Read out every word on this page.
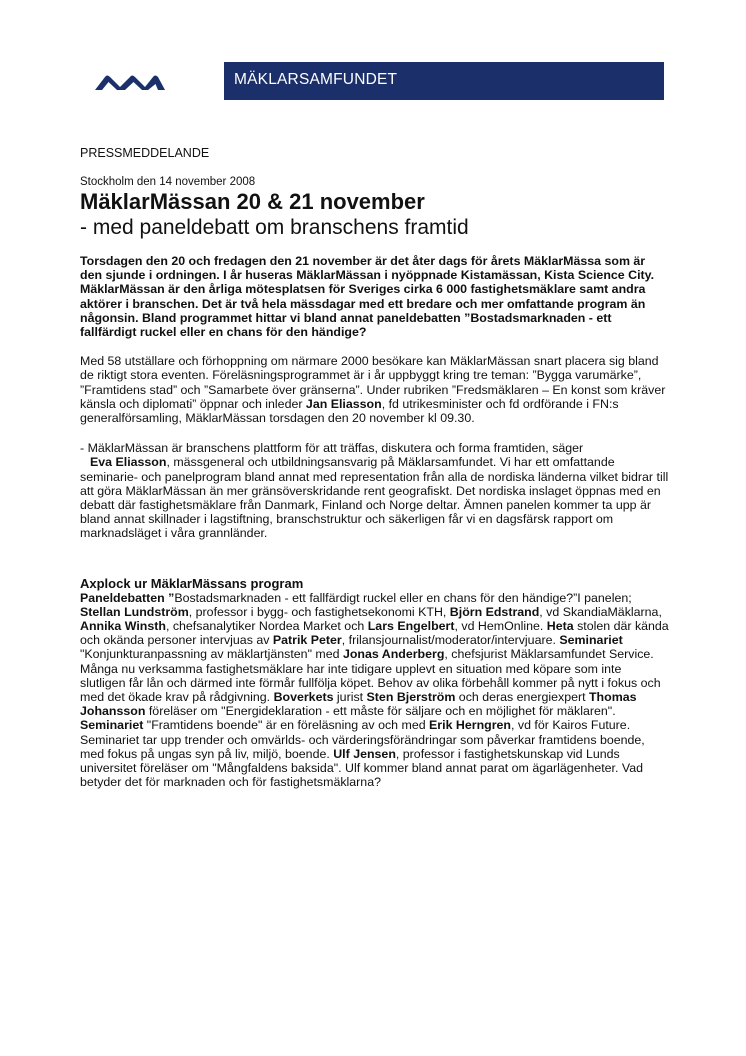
MÄKLARSAMFUNDET

PRESSMEDDELANDE

Stockholm den 14 november 2008

MäklarMässan 20 & 21 november

- med paneldebatt om branschens framtid

Torsdagen den 20 och fredagen den 21 november är det åter dags för årets MäklarMässa som är den sjunde i ordningen. I år huseras MäklarMässan i nyöppnade Kistamässan, Kista Science City. MäklarMässan är den årliga mötesplatsen för Sveriges cirka 6 000 fastighetsmäklare samt andra aktörer i branschen. Det är två hela mässdagar med ett bredare och mer omfattande program än någonsin. Bland programmet hittar vi bland annat paneldebatten ”Bostadsmarknaden - ett fallfärdigt ruckel eller en chans för den händige?

Med 58 utställare och förhoppning om närmare 2000 besökare kan MäklarMässan snart placera sig bland de riktigt stora eventen. Föreläsningsprogrammet är i år uppbyggt kring tre teman: ”Bygga varumärke”, ”Framtidens stad” och ”Samarbete över gränserna”. Under rubriken ”Fredsmäklaren – En konst som kräver känsla och diplomati” öppnar och inleder Jan Eliasson, fd utrikesminister och fd ordförande i FN:s generalförsamling, MäklarMässan torsdagen den 20 november kl 09.30.

- MäklarMässan är branschens plattform för att träffas, diskutera och forma framtiden, säger
Eva Eliasson, mässgeneral och utbildningsansvarig på Mäklarsamfundet. Vi har ett omfattande seminarie- och panelprogram bland annat med representation från alla de nordiska länderna vilket bidrar till att göra MäklarMässan än mer gränsöverskridande rent geografiskt. Det nordiska inslaget öppnas med en debatt där fastighetsmäklare från Danmark, Finland och Norge deltar. Ämnen panelen kommer ta upp är bland annat skillnader i lagstiftning, branschstruktur och säkerligen får vi en dagsfärsk rapport om marknadsläget i våra grannländer.

Axplock ur MäklarMässans program

Paneldebatten ”Bostadsmarknaden - ett fallfärdigt ruckel eller en chans för den händige?”I panelen; Stellan Lundström, professor i bygg- och fastighetsekonomi KTH, Björn Edstrand, vd SkandiaMäklarna, Annika Winsth, chefsanalytiker Nordea Market och Lars Engelbert, vd HemOnline. Heta stolen där kända och okända personer intervjuas av Patrik Peter, frilansjournalist/moderator/intervjuare. Seminariet "Konjunkturanpassning av mäklartjänsten" med Jonas Anderberg, chefsjurist Mäklarsamfundet Service. Många nu verksamma fastighetsmäklare har inte tidigare upplevt en situation med köpare som inte slutligen får lån och därmed inte förmår fullfölja köpet. Behov av olika förbehåll kommer på nytt i fokus och med det ökade krav på rådgivning. Boverkets jurist Sten Bjerström och deras energiexpert Thomas Johansson föreläser om "Energideklaration - ett måste för säljare och en möjlighet för mäklaren". Seminariet "Framtidens boende" är en föreläsning av och med Erik Herngren, vd för Kairos Future. Seminariet tar upp trender och omvärlds- och värderingsförändringar som påverkar framtidens boende, med fokus på ungas syn på liv, miljö, boende. Ulf Jensen, professor i fastighetskunskap vid Lunds universitet föreläser om "Mångfaldens baksida". Ulf kommer bland annat parat om ägarlägenheter. Vad betyder det för marknaden och för fastighetsmäklarna?
